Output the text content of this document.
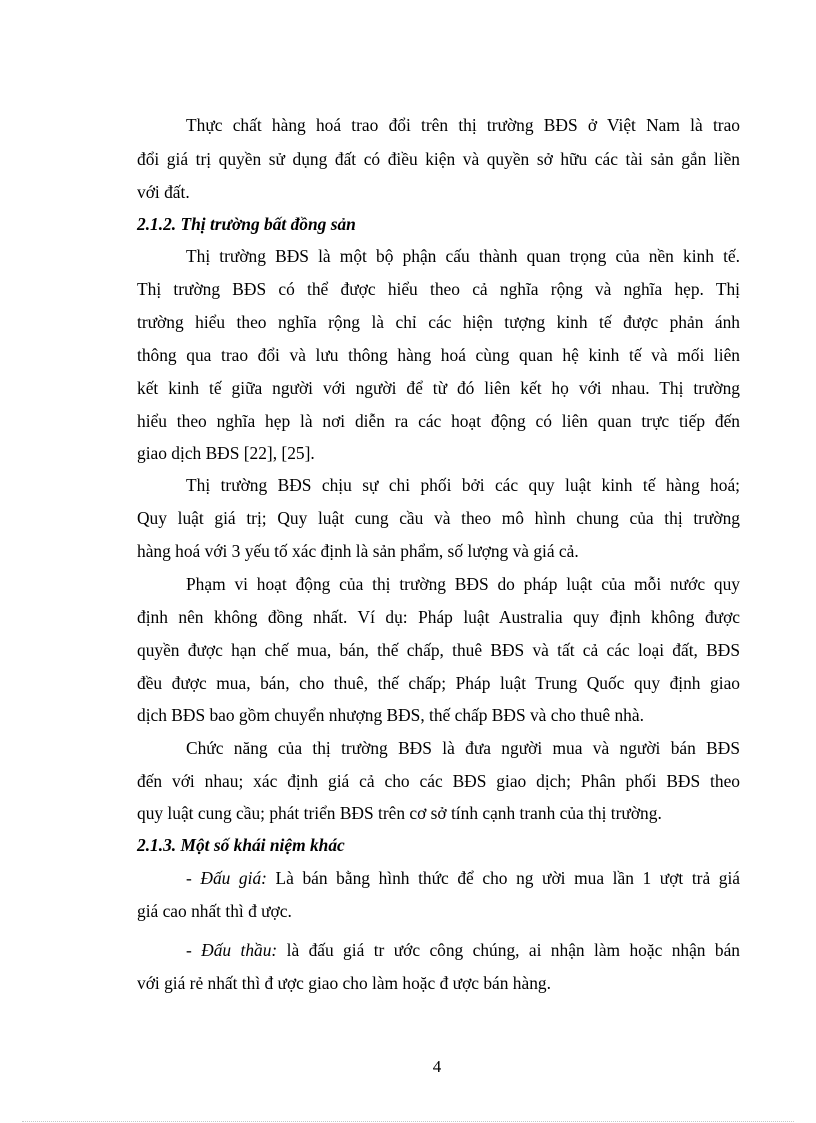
Thực chất hàng hoá trao đổi trên thị trường BĐS ở Việt Nam là trao
đổi giá trị quyền sử dụng đất có điều kiện và quyền sở hữu các tài sản gắn liền
với đất.
2.1.2. Thị trường bất đồng sản
Thị trường BĐS là một bộ phận cấu thành quan trọng của nền kinh tế.
Thị trường BĐS có thể được hiểu theo cả nghĩa rộng và nghĩa hẹp. Thị
trường hiểu theo nghĩa rộng là chỉ các hiện tượng kinh tế được phản ánh
thông qua trao đổi và lưu thông hàng hoá cùng quan hệ kinh tế và mối liên
kết kinh tế giữa người với người để từ đó liên kết họ với nhau. Thị trường
hiểu theo nghĩa hẹp là nơi diễn ra các hoạt động có liên quan trực tiếp đến
giao dịch BĐS [22], [25].
Thị trường BĐS chịu sự chi phối bởi các quy luật kinh tế hàng hoá;
Quy luật giá trị; Quy luật cung cầu và theo mô hình chung của thị trường
hàng hoá với 3 yếu tố xác định là sản phẩm, số lượng và giá cả.
Phạm vi hoạt động của thị trường BĐS do pháp luật của mỗi nước quy
định nên không đồng nhất. Ví dụ: Pháp luật Australia quy định không được
quyền được hạn chế mua, bán, thế chấp, thuê BĐS và tất cả các loại đất, BĐS
đều được mua, bán, cho thuê, thế chấp; Pháp luật Trung Quốc quy định giao
dịch BĐS bao gồm chuyển nhượng BĐS, thế chấp BĐS và cho thuê nhà.
Chức năng của thị trường BĐS là đưa người mua và người bán BĐS
đến với nhau; xác định giá cả cho các BĐS giao dịch; Phân phối BĐS theo
quy luật cung cầu; phát triển BĐS trên cơ sở tính cạnh tranh của thị trường.
2.1.3. Một số khái niệm khác
- Đấu giá: Là bán bằng hình thức để cho ng ười mua lần 1 ượt trả giá
giá cao nhất thì đ ược.
- Đấu thầu: là đấu giá tr ước công chúng, ai nhận làm hoặc nhận bán
với giá rẻ nhất thì đ ược giao cho làm hoặc đ ược bán hàng.
4
